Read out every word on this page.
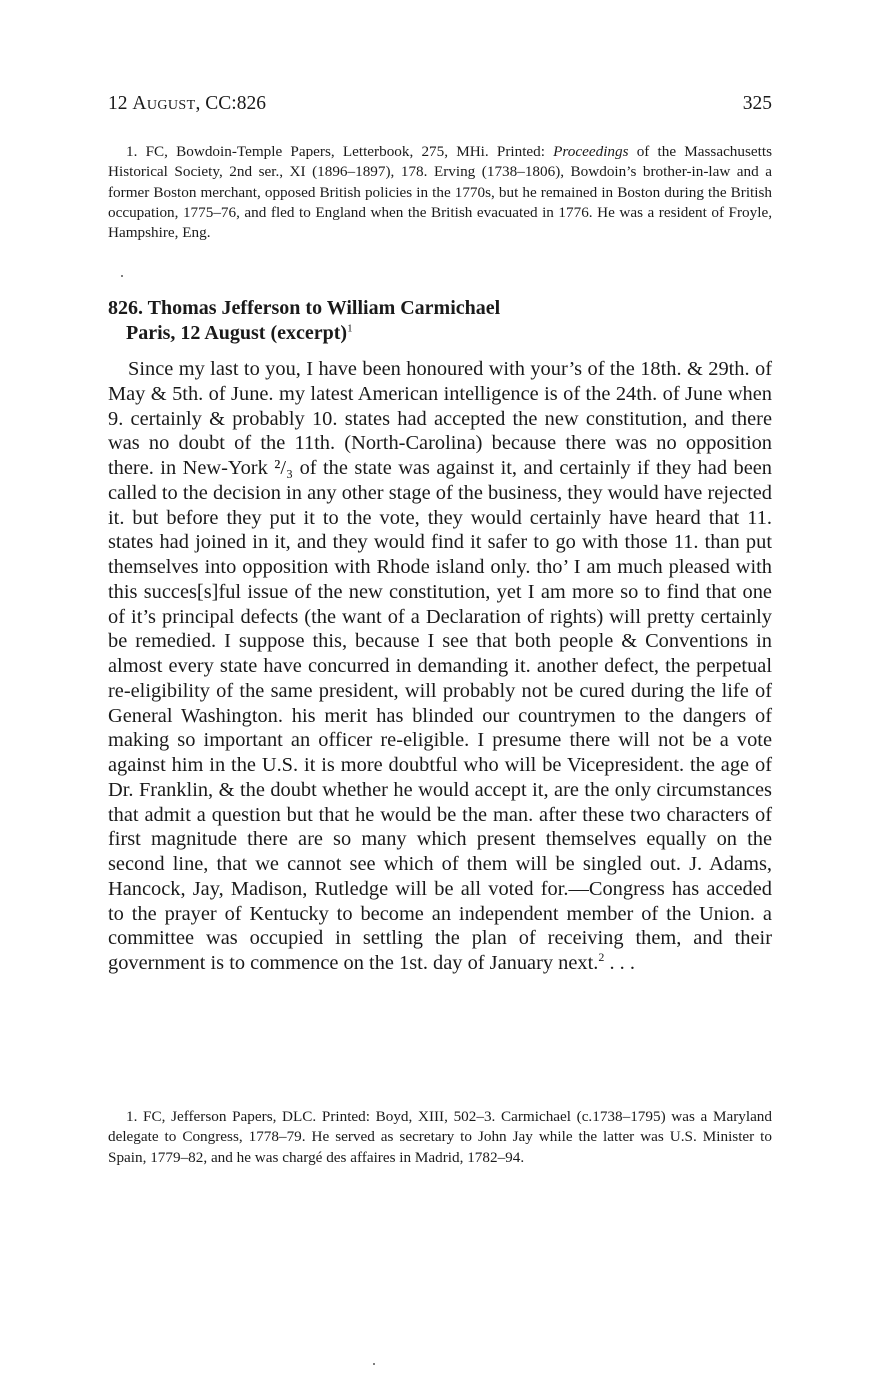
12 August, CC:826	325
1. FC, Bowdoin-Temple Papers, Letterbook, 275, MHi. Printed: Proceedings of the Massachusetts Historical Society, 2nd ser., XI (1896–1897), 178. Erving (1738–1806), Bowdoin’s brother-in-law and a former Boston merchant, opposed British policies in the 1770s, but he remained in Boston during the British occupation, 1775–76, and fled to England when the British evacuated in 1776. He was a resident of Froyle, Hampshire, Eng.
826. Thomas Jefferson to William Carmichael
Paris, 12 August (excerpt)$^1$

Since my last to you, I have been honoured with your’s of the 18th. & 29th. of May & 5th. of June. my latest American intelligence is of the 24th. of June when 9. certainly & probably 10. states had accepted the new constitution, and there was no doubt of the 11th. (North-Carolina) because there was no opposition there. in New-York ²/₃ of the state was against it, and certainly if they had been called to the decision in any other stage of the business, they would have rejected it. but before they put it to the vote, they would certainly have heard that 11. states had joined in it, and they would find it safer to go with those 11. than put themselves into opposition with Rhode island only. tho’ I am much pleased with this succes[s]ful issue of the new constitution, yet I am more so to find that one of it’s principal defects (the want of a Declaration of rights) will pretty certainly be remedied. I suppose this, because I see that both people & Conventions in almost every state have concurred in demanding it. another defect, the perpetual re-eligibility of the same president, will probably not be cured during the life of General Washington. his merit has blinded our countrymen to the dangers of making so important an officer re-eligible. I presume there will not be a vote against him in the U.S. it is more doubtful who will be Vicepresident. the age of Dr. Franklin, & the doubt whether he would accept it, are the only circumstances that admit a question but that he would be the man. after these two characters of first magnitude there are so many which present themselves equally on the second line, that we cannot see which of them will be singled out. J. Adams, Hancock, Jay, Madison, Rutledge will be all voted for.—Congress has acceded to the prayer of Kentucky to become an independent member of the Union. a committee was occupied in settling the plan of receiving them, and their government is to commence on the 1st. day of January next.$^2$ . . .

1. FC, Jefferson Papers, DLC. Printed: Boyd, XIII, 502–3. Carmichael (c.1738–1795) was a Maryland delegate to Congress, 1778–79. He served as secretary to John Jay while the latter was U.S. Minister to Spain, 1779–82, and he was chargé des affaires in Madrid, 1782–94.
